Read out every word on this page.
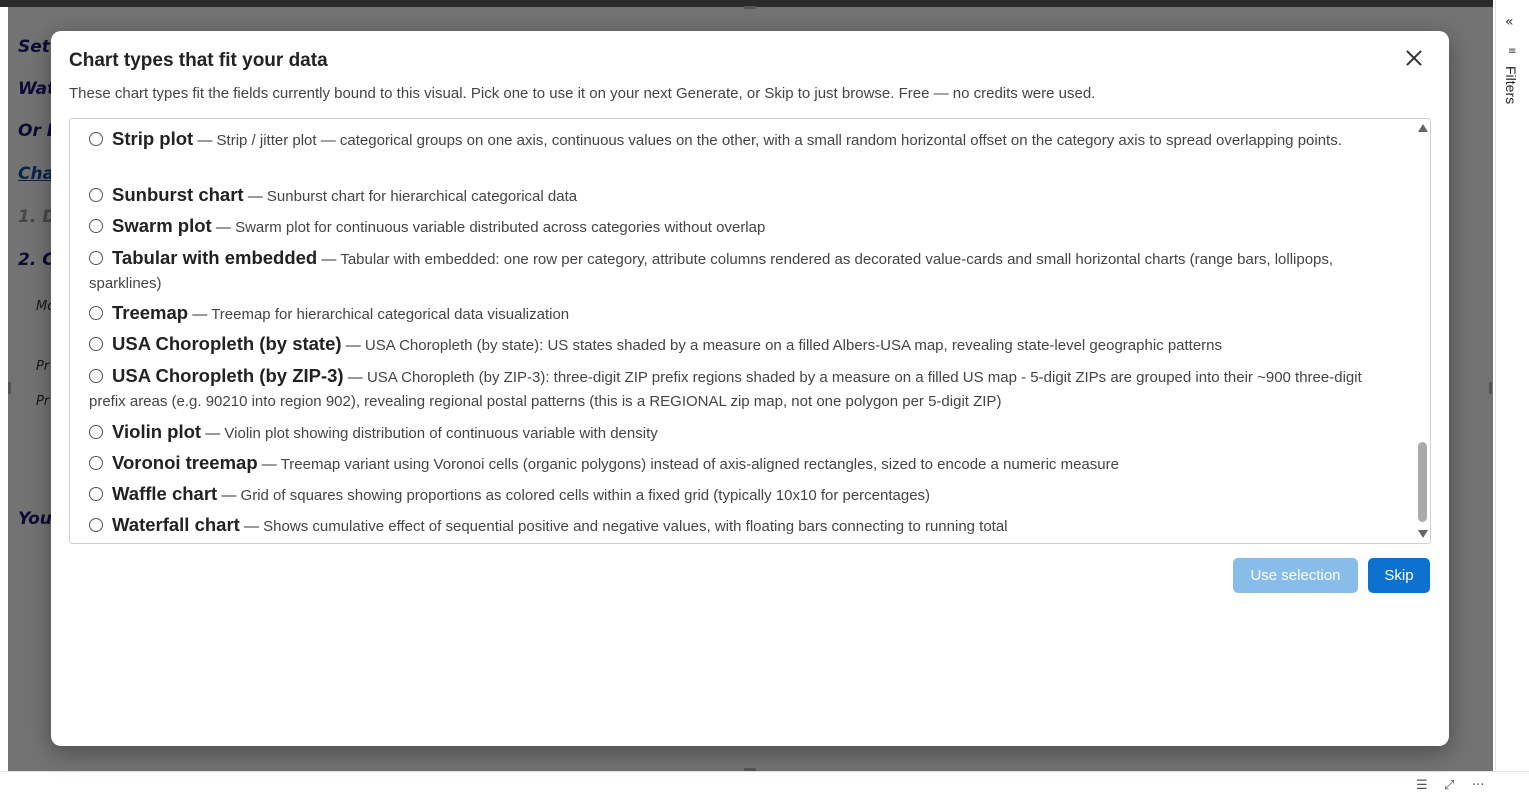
«
≡
Filters
☰ ⤢ ···
Chart types that fit your data
These chart types fit the fields currently bound to this visual. Pick one to use it on your next Generate, or Skip to just browse. Free — no credits were used.
Strip plot — Strip / jitter plot — categorical groups on one axis, continuous values on the other, with a small random horizontal offset on the category axis to spread overlapping points.
Sunburst chart — Sunburst chart for hierarchical categorical data
Swarm plot — Swarm plot for continuous variable distributed across categories without overlap
Tabular with embedded — Tabular with embedded: one row per category, attribute columns rendered as decorated value-cards and small horizontal charts (range bars, lollipops, sparklines)
Treemap — Treemap for hierarchical categorical data visualization
USA Choropleth (by state) — USA Choropleth (by state): US states shaded by a measure on a filled Albers-USA map, revealing state-level geographic patterns
USA Choropleth (by ZIP-3) — USA Choropleth (by ZIP-3): three-digit ZIP prefix regions shaded by a measure on a filled US map - 5-digit ZIPs are grouped into their ~900 three-digit prefix areas (e.g. 90210 into region 902), revealing regional postal patterns (this is a REGIONAL zip map, not one polygon per 5-digit ZIP)
Violin plot — Violin plot showing distribution of continuous variable with density
Voronoi treemap — Treemap variant using Voronoi cells (organic polygons) instead of axis-aligned rectangles, sized to encode a numeric measure
Waffle chart — Grid of squares showing proportions as colored cells within a fixed grid (typically 10x10 for percentages)
Waterfall chart — Shows cumulative effect of sequential positive and negative values, with floating bars connecting to running total
Use selection	Skip
